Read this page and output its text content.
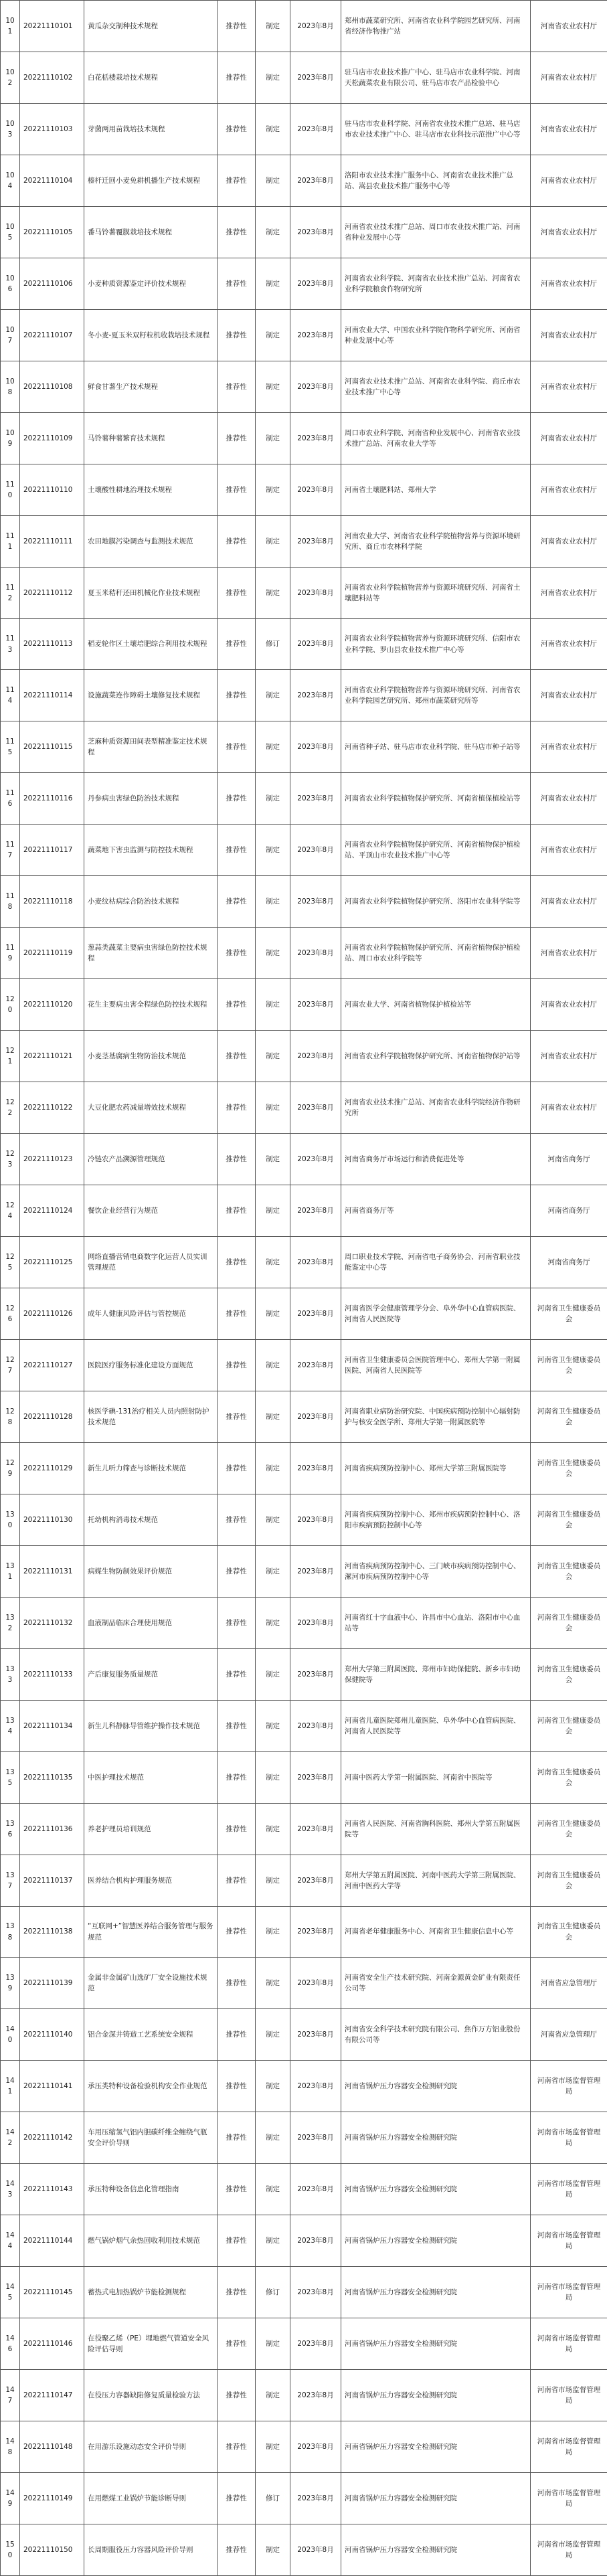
101	20221110101	黄瓜杂交制种技术规程	推荐性	制定	2023年8月	郑州市蔬菜研究所、河南省农业科学院园艺研究所、河南省经济作物推广站	河南省农业农村厅
102	20221110102	白花栝楼栽培技术规程	推荐性	制定	2023年8月	驻马店市农业技术推广中心、驻马店市农业科学院、河南天松蔬菜农业有限公司、驻马店市农产品检验中心	河南省农业农村厅
103	20221110103	芽菌两用苗栽培技术规程	推荐性	制定	2023年8月	驻马店市农业科学院、河南省农业技术推广总站、驻马店市农业技术推广中心、驻马店市农业科技示范推广中心等	河南省农业农村厅
104	20221110104	榛杆迁回小麦免耕机播生产技术规程	推荐性	制定	2023年8月	洛阳市农业技术推广服务中心、河南省农业技术推广总站、嵩县农业技术推广服务中心等	河南省农业农村厅
105	20221110105	番马铃薯覆膜栽培技术规程	推荐性	制定	2023年8月	河南省农业技术推广总站、周口市农业技术推广站、河南省种业发展中心等	河南省农业农村厅
106	20221110106	小麦种质资源鉴定评价技术规程	推荐性	制定	2023年8月	河南省农业科学院、河南省农业技术推广总站、河南省农业科学院粮食作物研究所	河南省农业农村厅
107	20221110107	冬小麦-夏玉米双籽粒机收栽培技术规程	推荐性	制定	2023年8月	河南农业大学、中国农业科学院作物科学研究所、河南省种业发展中心等	河南省农业农村厅
108	20221110108	鲜食甘薯生产技术规程	推荐性	制定	2023年8月	河南省农业技术推广总站、河南省农业科学院、商丘市农业技术推广中心等	河南省农业农村厅
109	20221110109	马铃薯种薯繁育技术规程	推荐性	制定	2023年8月	周口市农业科学院、河南省种业发展中心、河南省农业技术推广总站、河南农业大学等	河南省农业农村厅
110	20221110110	土壤酸性耕地治理技术规程	推荐性	制定	2023年8月	河南省土壤肥料站、郑州大学	河南省农业农村厅
111	20221110111	农田地膜污染调查与监测技术规范	推荐性	制定	2023年8月	河南农业大学、河南省农业科学院植物营养与资源环境研究所、商丘市农林科学院	河南省农业农村厅
112	20221110112	夏玉米秸秆还田机械化作业技术规程	推荐性	制定	2023年8月	河南省农业科学院植物营养与资源环境研究所、河南省土壤肥料站等	河南省农业农村厅
113	20221110113	稻麦轮作区土壤培肥综合利用技术规程	推荐性	修订	2023年8月	河南省农业科学院植物营养与资源环境研究所、信阳市农业科学院、罗山县农业技术推广中心等	河南省农业农村厅
114	20221110114	设施蔬菜连作障碍土壤修复技术规程	推荐性	制定	2023年8月	河南省农业科学院植物营养与资源环境研究所、河南省农业科学院园艺研究所、郑州市蔬菜研究所等	河南省农业农村厅
115	20221110115	芝麻种质资源田间表型精准鉴定技术规程	推荐性	制定	2023年8月	河南省种子站、驻马店市农业科学院、驻马店市种子站等	河南省农业农村厅
116	20221110116	丹参病虫害绿色防治技术规程	推荐性	制定	2023年8月	河南省农业科学院植物保护研究所、河南省植保植检站等	河南省农业农村厅
117	20221110117	蔬菜地下害虫监测与防控技术规程	推荐性	制定	2023年8月	河南省农业科学院植物保护研究所、河南省植物保护植检站、平顶山市农业技术推广中心等	河南省农业农村厅
118	20221110118	小麦纹枯病综合防治技术规程	推荐性	制定	2023年8月	河南省农业科学院植物保护研究所、洛阳市农业科学院等	河南省农业农村厅
119	20221110119	葱蒜类蔬菜主要病虫害绿色防控技术规程	推荐性	制定	2023年8月	河南省农业科学院植物保护研究所、河南省植物保护植检站、周口市农业科学院等	河南省农业农村厅
120	20221110120	花生主要病虫害全程绿色防控技术规程	推荐性	制定	2023年8月	河南农业大学、河南省植物保护植检站等	河南省农业农村厅
121	20221110121	小麦茎基腐病生物防治技术规范	推荐性	制定	2023年8月	河南省农业科学院植物保护研究所、河南省植物保护站等	河南省农业农村厅
122	20221110122	大豆化肥农药减量增效技术规程	推荐性	制定	2023年8月	河南省农业技术推广总站、河南省农业科学院经济作物研究所	河南省农业农村厅
123	20221110123	冷链农产品溯源管理规范	推荐性	制定	2023年8月	河南省商务厅市场运行和消费促进处等	河南省商务厅
124	20221110124	餐饮企业经营行为规范	推荐性	制定	2023年8月	河南省商务厅等	河南省商务厅
125	20221110125	网络直播营销电商数字化运营人员实训管理规范	推荐性	制定	2023年8月	周口职业技术学院、河南省电子商务协会、河南省职业技能鉴定中心等	河南省商务厅
126	20221110126	成年人健康风险评估与管控规范	推荐性	制定	2023年8月	河南省医学会健康管理学分会、阜外华中心血管病医院、河南省人民医院等	河南省卫生健康委员会
127	20221110127	医院医疗服务标准化建设方面规范	推荐性	制定	2023年8月	河南省卫生健康委员会医院管理中心、郑州大学第一附属医院、河南省人民医院等	河南省卫生健康委员会
128	20221110128	核医学碘-131治疗相关人员内照射防护技术规范	推荐性	制定	2023年8月	河南省职业病防治研究院、中国疾病预防控制中心辐射防护与核安全医学所、郑州大学第一附属医院等	河南省卫生健康委员会
129	20221110129	新生儿听力筛查与诊断技术规范	推荐性	制定	2023年8月	河南省疾病预防控制中心、郑州大学第三附属医院等	河南省卫生健康委员会
130	20221110130	托幼机构消毒技术规范	推荐性	制定	2023年8月	河南省疾病预防控制中心、郑州市疾病预防控制中心、洛阳市疾病预防控制中心等	河南省卫生健康委员会
131	20221110131	病媒生物防制效果评价规范	推荐性	制定	2023年8月	河南省疾病预防控制中心、三门峡市疾病预防控制中心、漯河市疾病预防控制中心等	河南省卫生健康委员会
132	20221110132	血液制品临床合理使用规范	推荐性	制定	2023年8月	河南省红十字血液中心、许昌市中心血站、洛阳市中心血站等	河南省卫生健康委员会
133	20221110133	产后康复服务质量规范	推荐性	制定	2023年8月	郑州大学第三附属医院、郑州市妇幼保健院、新乡市妇幼保健院等	河南省卫生健康委员会
134	20221110134	新生儿科静脉导管维护操作技术规范	推荐性	制定	2023年8月	河南省儿童医院郑州儿童医院、阜外华中心血管病医院、河南省人民医院等	河南省卫生健康委员会
135	20221110135	中医护理技术规范	推荐性	制定	2023年8月	河南中医药大学第一附属医院、河南省中医院等	河南省卫生健康委员会
136	20221110136	养老护理员培训规范	推荐性	制定	2023年8月	河南省人民医院、河南省胸科医院、郑州大学第五附属医院等	河南省卫生健康委员会
137	20221110137	医养结合机构护理服务规范	推荐性	制定	2023年8月	郑州大学第五附属医院、河南中医药大学第三附属医院、河南中医药大学等	河南省卫生健康委员会
138	20221110138	“互联网+”智慧医养结合服务管理与服务规范	推荐性	制定	2023年8月	河南省老年健康服务中心、河南省卫生健康信息中心等	河南省卫生健康委员会
139	20221110139	金属非金属矿山选矿厂安全设施技术规范	推荐性	制定	2023年8月	河南省安全生产技术研究院、河南金源黄金矿业有限责任公司等	河南省应急管理厅
140	20221110140	铝合金深井铸造工艺系统安全规程	推荐性	制定	2023年8月	河南省安全科学技术研究院有限公司、焦作万方铝业股份有限公司等	河南省应急管理厅
141	20221110141	承压类特种设备检验机构安全作业规范	推荐性	制定	2023年8月	河南省锅炉压力容器安全检测研究院	河南省市场监督管理局
142	20221110142	车用压缩氢气铝内胆碳纤维全缠绕气瓶安全评价导则	推荐性	制定	2023年8月	河南省锅炉压力容器安全检测研究院	河南省市场监督管理局
143	20221110143	承压特种设备信息化管理指南	推荐性	制定	2023年8月	河南省锅炉压力容器安全检测研究院	河南省市场监督管理局
144	20221110144	燃气锅炉烟气余热回收利用技术规范	推荐性	制定	2023年8月	河南省锅炉压力容器安全检测研究院	河南省市场监督管理局
145	20221110145	蓄热式电加热锅炉节能检测规程	推荐性	修订	2023年8月	河南省锅炉压力容器安全检测研究院	河南省市场监督管理局
146	20221110146	在役聚乙烯（PE）埋地燃气管道安全风险评估导则	推荐性	制定	2023年8月	河南省锅炉压力容器安全检测研究院	河南省市场监督管理局
147	20221110147	在役压力容器缺陷修复质量检验方法	推荐性	制定	2023年8月	河南省锅炉压力容器安全检测研究院	河南省市场监督管理局
148	20221110148	在用游乐设施动态安全评价导则	推荐性	制定	2023年8月	河南省锅炉压力容器安全检测研究院	河南省市场监督管理局
149	20221110149	在用燃煤工业锅炉节能诊断导则	推荐性	修订	2023年8月	河南省锅炉压力容器安全检测研究院	河南省市场监督管理局
150	20221110150	长周期服役压力容器风险评价导则	推荐性	制定	2023年8月	河南省锅炉压力容器安全检测研究院	河南省市场监督管理局
